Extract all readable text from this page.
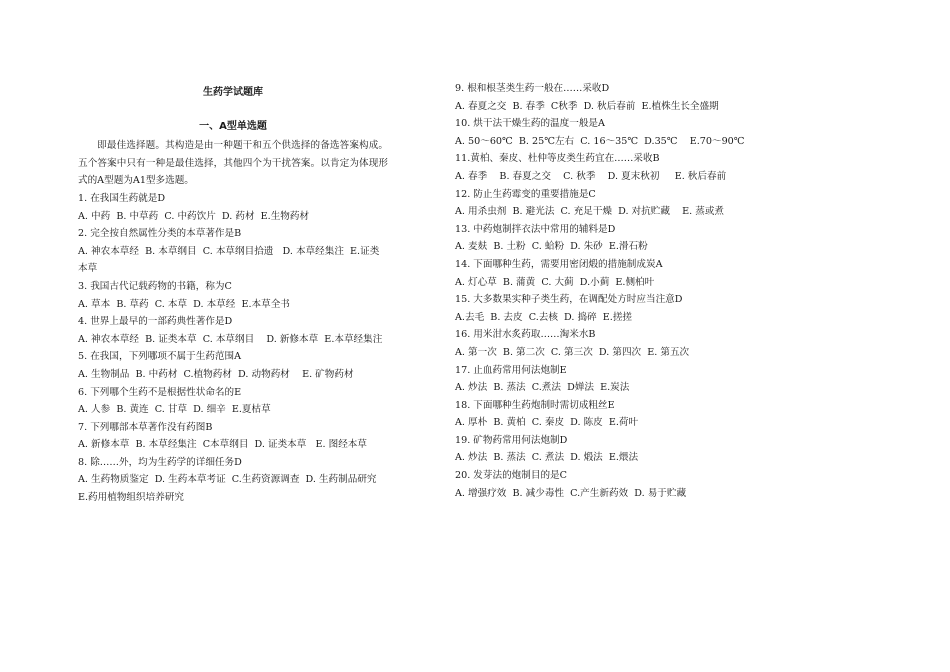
生药学试题库
一、A型单选题
即最佳选择题。其构造是由一种题干和五个供选择的备选答案构成。五个答案中只有一种是最佳选择，其他四个为干扰答案。以肯定为体现形式的A型题为A1型多选题。
1. 在我国生药就是D
A. 中药  B. 中草药  C. 中药饮片  D. 药材  E.生物药材
2. 完全按自然属性分类的本草著作是B
A. 神农本草经  B. 本草纲目  C. 本草纲目拾遗   D. 本草经集注  E.证类本草
3. 我国古代记载药物的书籍，称为C
A. 草本  B. 草药  C. 本草  D. 本草经  E.本草全书
4. 世界上最早的一部药典性著作是D
A. 神农本草经  B. 证类本草  C. 本草纲目    D. 新修本草  E.本草经集注
5. 在我国，下列哪项不属于生药范围A
A. 生物制品  B. 中药材  C.植物药材  D. 动物药材    E. 矿物药材
6. 下列哪个生药不是根据性状命名的E
A. 人参  B. 黄连  C. 甘草  D. 细辛  E.夏枯草
7. 下列哪部本草著作没有药图B
A. 新修本草  B. 本草经集注  C本草纲目  D. 证类本草   E. 图经本草
8. 除……外，均为生药学的详细任务D
A. 生药物质鉴定  D. 生药本草考证  C.生药资源调查  D. 生药制品研究
E.药用植物组织培养研究
9. 根和根茎类生药一般在……采收D
A. 春夏之交  B. 春季  C秋季  D. 秋后春前  E.植株生长全盛期
10. 烘干法干燥生药的温度一般是A
A. 50～60℃  B. 25℃左右  C. 16～35℃  D.35℃    E.70～90℃
11.黄柏、秦皮、杜仲等皮类生药宜在……采收B
A. 春季    B. 春夏之交    C. 秋季    D. 夏末秋初     E. 秋后春前
12. 防止生药霉变的重要措施是C
A. 用杀虫剂  B. 避光法  C. 充足干燥  D. 对抗贮藏    E. 蒸或煮
13. 中药炮制拌衣法中常用的辅料是D
A. 麦麸  B. 土粉  C. 蛤粉  D. 朱砂  E.滑石粉
14. 下面哪种生药，需要用密闭煅的措施制成炭A
A. 灯心草  B. 蒲黄  C. 大蓟  D.小蓟  E.侧柏叶
15. 大多数果实种子类生药，在调配处方时应当注意D
A.去毛  B. 去皮  C.去核  D. 捣碎  E.搓搓
16. 用米泔水炙药取……淘米水B
A. 第一次  B. 第二次  C. 第三次  D. 第四次  E. 第五次
17. 止血药常用何法炮制E
A. 炒法  B. 蒸法  C.煮法  D婵法  E.炭法
18. 下面哪种生药炮制时需切成粗丝E
A. 厚朴  B. 黄柏  C. 秦皮  D. 陈皮  E.荷叶
19. 矿物药常用何法炮制D
A. 炒法  B. 蒸法  C. 煮法  D. 煅法  E.煨法
20. 发芽法的炮制目的是C
A. 增强疗效  B. 减少毒性  C.产生新药效  D. 易于贮藏
